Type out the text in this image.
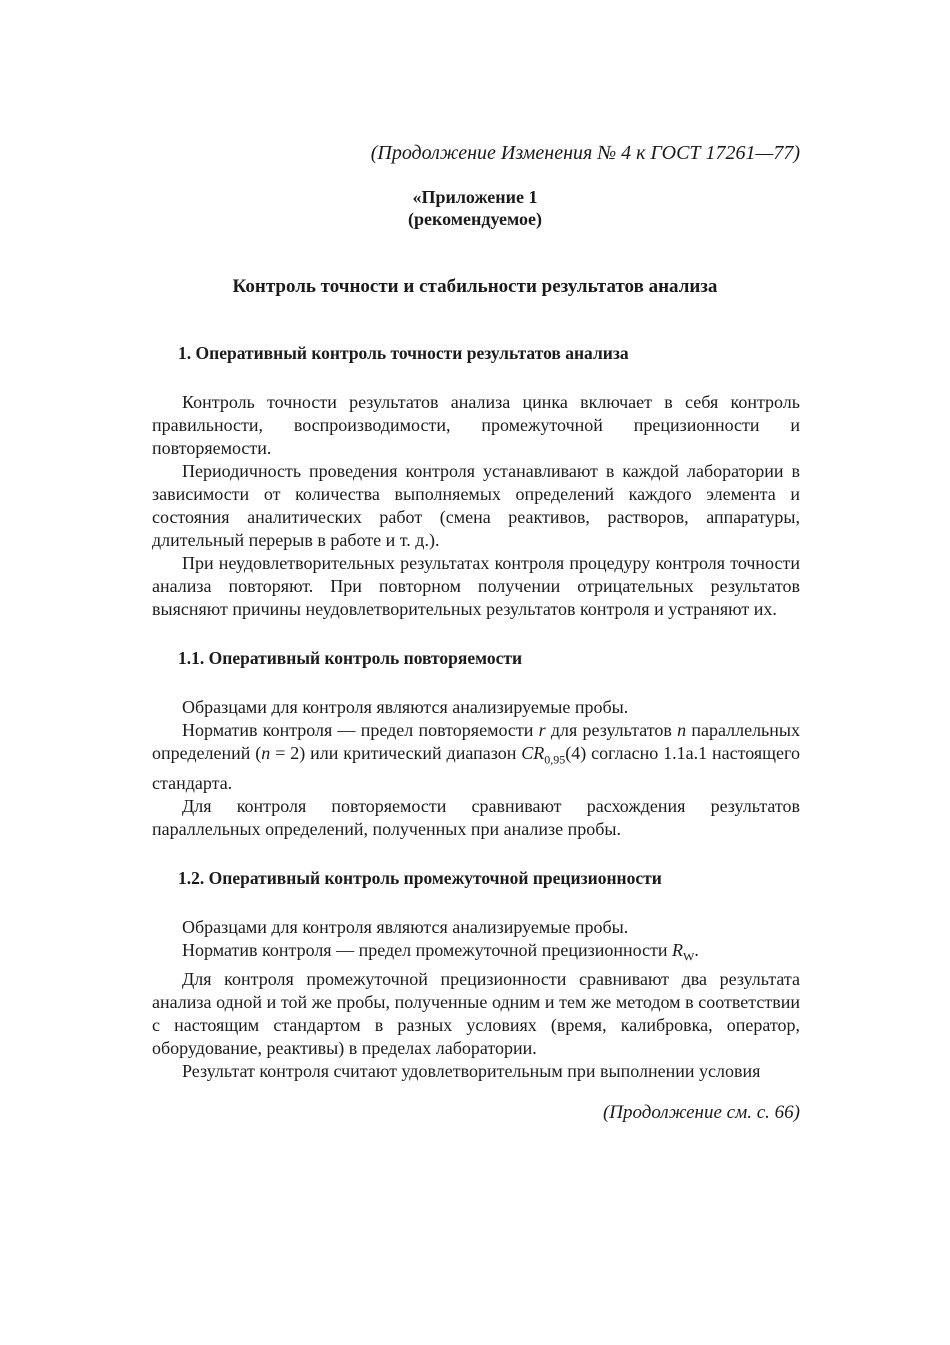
(Продолжение Изменения № 4 к ГОСТ 17261—77)
«Приложение 1
(рекомендуемое)
Контроль точности и стабильности результатов анализа
1. Оперативный контроль точности результатов анализа

Контроль точности результатов анализа цинка включает в себя контроль правильности, воспроизводимости, промежуточной прецизионности и повторяемости.

Периодичность проведения контроля устанавливают в каждой лаборатории в зависимости от количества выполняемых определений каждого элемента и состояния аналитических работ (смена реактивов, растворов, аппаратуры, длительный перерыв в работе и т. д.).

При неудовлетворительных результатах контроля процедуру контроля точности анализа повторяют. При повторном получении отрицательных результатов выясняют причины неудовлетворительных результатов контроля и устраняют их.

1.1. Оперативный контроль повторяемости

Образцами для контроля являются анализируемые пробы.

Норматив контроля — предел повторяемости r для результатов n параллельных определений (n = 2) или критический диапазон $CR_{0,95}(4)$ согласно 1.1а.1 настоящего стандарта.

Для контроля повторяемости сравнивают расхождения результатов параллельных определений, полученных при анализе пробы.

1.2. Оперативный контроль промежуточной прецизионности

Образцами для контроля являются анализируемые пробы.

Норматив контроля — предел промежуточной прецизионности $R_W$.

Для контроля промежуточной прецизионности сравнивают два результата анализа одной и той же пробы, полученные одним и тем же методом в соответствии с настоящим стандартом в разных условиях (время, калибровка, оператор, оборудование, реактивы) в пределах лаборатории.

Результат контроля считают удовлетворительным при выполнении условия

(Продолжение см. с. 66)
